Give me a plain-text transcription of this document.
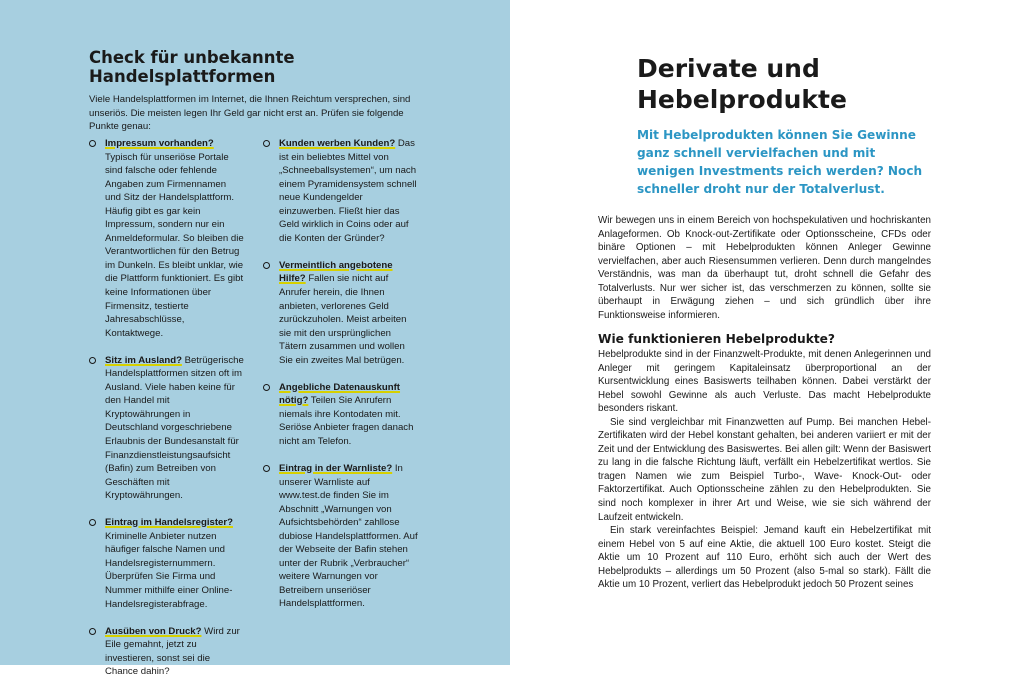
Check für unbekannte Handelsplattformen

Viele Handelsplattformen im Internet, die Ihnen Reichtum versprechen, sind unseriös. Die meisten legen Ihr Geld gar nicht erst an. Prüfen sie folgende Punkte genau:

Impressum vorhanden? Typisch für unseriöse Portale sind falsche oder fehlende Angaben zum Firmennamen und Sitz der Handelsplattform. Häufig gibt es gar kein Impressum, sondern nur ein Anmeldeformular. So bleiben die Verantwortlichen für den Betrug im Dunkeln. Es bleibt unklar, wie die Plattform funktioniert. Es gibt keine Informationen über Firmensitz, testierte Jahresabschlüsse, Kontaktwege.
Sitz im Ausland? Betrügerische Handelsplattformen sitzen oft im Ausland. Viele haben keine für den Handel mit Kryptowährungen in Deutschland vorgeschriebene Erlaubnis der Bundesanstalt für Finanzdienstleistungsaufsicht (Bafin) zum Betreiben von Geschäften mit Kryptowährungen.
Eintrag im Handelsregister? Kriminelle Anbieter nutzen häufiger falsche Namen und Handelsregisternummern. Überprüfen Sie Firma und Nummer mithilfe einer Online-Handelsregisterabfrage.
Ausüben von Druck? Wird zur Eile gemahnt, jetzt zu investieren, sonst sei die Chance dahin?
Kunden werben Kunden? Das ist ein beliebtes Mittel von „Schneeballsystemen“, um nach einem Pyramidensystem schnell neue Kundengelder einzuwerben. Fließt hier das Geld wirklich in Coins oder auf die Konten der Gründer?
Vermeintlich angebotene Hilfe? Fallen sie nicht auf Anrufer herein, die Ihnen anbieten, verlorenes Geld zurückzuholen. Meist arbeiten sie mit den ursprünglichen Tätern zusammen und wollen Sie ein zweites Mal betrügen.
Angebliche Datenauskunft nötig? Teilen Sie Anrufern niemals ihre Kontodaten mit. Seriöse Anbieter fragen danach nicht am Telefon.
Eintrag in der Warnliste? In unserer Warnliste auf www.test.de finden Sie im Abschnitt „Warnungen von Aufsichtsbehörden“ zahllose dubiose Handelsplattformen. Auf der Webseite der Bafin stehen unter der Rubrik „Verbraucher“ weitere Warnungen vor Betreibern unseriöser Handelsplattformen.
Derivate und Hebelprodukte

Mit Hebelprodukten können Sie Gewinne ganz schnell vervielfachen und mit wenigen Investments reich werden? Noch schneller droht nur der Totalverlust.

Wir bewegen uns in einem Bereich von hochspekulativen und hochriskanten Anlageformen. Ob Knock-out-Zertifikate oder Optionsscheine, CFDs oder binäre Optionen – mit Hebelprodukten können Anleger Gewinne vervielfachen, aber auch Riesensummen verlieren. Denn durch mangelndes Verständnis, was man da überhaupt tut, droht schnell die Gefahr des Totalverlusts. Nur wer sicher ist, das verschmerzen zu können, sollte sie überhaupt in Erwägung ziehen – und sich gründlich über ihre Funktionsweise informieren.

Wie funktionieren Hebelprodukte?

Hebelprodukte sind in der Finanzwelt-Produkte, mit denen Anlegerinnen und Anleger mit geringem Kapitaleinsatz überproportional an der Kursentwicklung eines Basiswerts teilhaben können. Dabei verstärkt der Hebel sowohl Gewinne als auch Verluste. Das macht Hebelprodukte besonders riskant.

Sie sind vergleichbar mit Finanzwetten auf Pump. Bei manchen Hebel-Zertifikaten wird der Hebel konstant gehalten, bei anderen variiert er mit der Zeit und der Entwicklung des Basiswertes. Bei allen gilt: Wenn der Basiswert zu lang in die falsche Richtung läuft, verfällt ein Hebelzertifikat wertlos. Sie tragen Namen wie zum Beispiel Turbo-, Wave- Knock-Out- oder Faktorzertifikat. Auch Optionsscheine zählen zu den Hebelprodukten. Sie sind noch komplexer in ihrer Art und Weise, wie sie sich während der Laufzeit entwickeln.

Ein stark vereinfachtes Beispiel: Jemand kauft ein Hebelzertifikat mit einem Hebel von 5 auf eine Aktie, die aktuell 100 Euro kostet. Steigt die Aktie um 10 Prozent auf 110 Euro, erhöht sich auch der Wert des Hebelprodukts – allerdings um 50 Prozent (also 5-mal so stark). Fällt die Aktie um 10 Prozent, verliert das Hebelprodukt jedoch 50 Prozent seines
